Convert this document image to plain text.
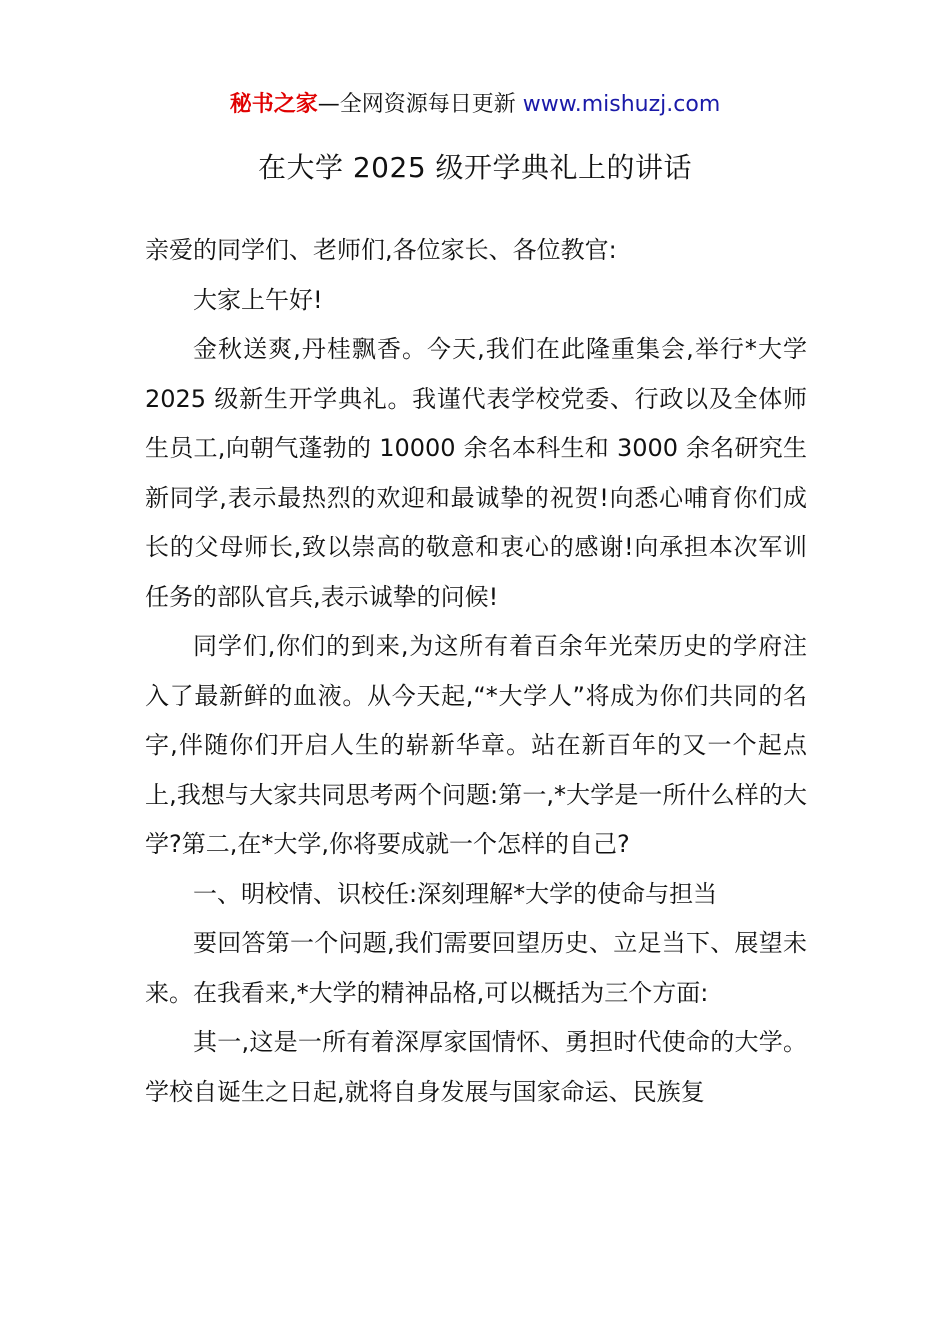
秘书之家—全网资源每日更新 www.mishuzj.com
在大学 2025 级开学典礼上的讲话

亲爱的同学们、老师们,各位家长、各位教官:

大家上午好!

金秋送爽,丹桂飘香。今天,我们在此隆重集会,举行*大学 2025 级新生开学典礼。我谨代表学校党委、行政以及全体师生员工,向朝气蓬勃的 10000 余名本科生和 3000 余名研究生新同学,表示最热烈的欢迎和最诚挚的祝贺!向悉心哺育你们成长的父母师长,致以崇高的敬意和衷心的感谢!向承担本次军训任务的部队官兵,表示诚挚的问候!

同学们,你们的到来,为这所有着百余年光荣历史的学府注入了最新鲜的血液。从今天起,“*大学人”将成为你们共同的名字,伴随你们开启人生的崭新华章。站在新百年的又一个起点上,我想与大家共同思考两个问题:第一,*大学是一所什么样的大学?第二,在*大学,你将要成就一个怎样的自己?

一、明校情、识校任:深刻理解*大学的使命与担当

要回答第一个问题,我们需要回望历史、立足当下、展望未来。在我看来,*大学的精神品格,可以概括为三个方面:

其一,这是一所有着深厚家国情怀、勇担时代使命的大学。学校自诞生之日起,就将自身发展与国家命运、民族复
